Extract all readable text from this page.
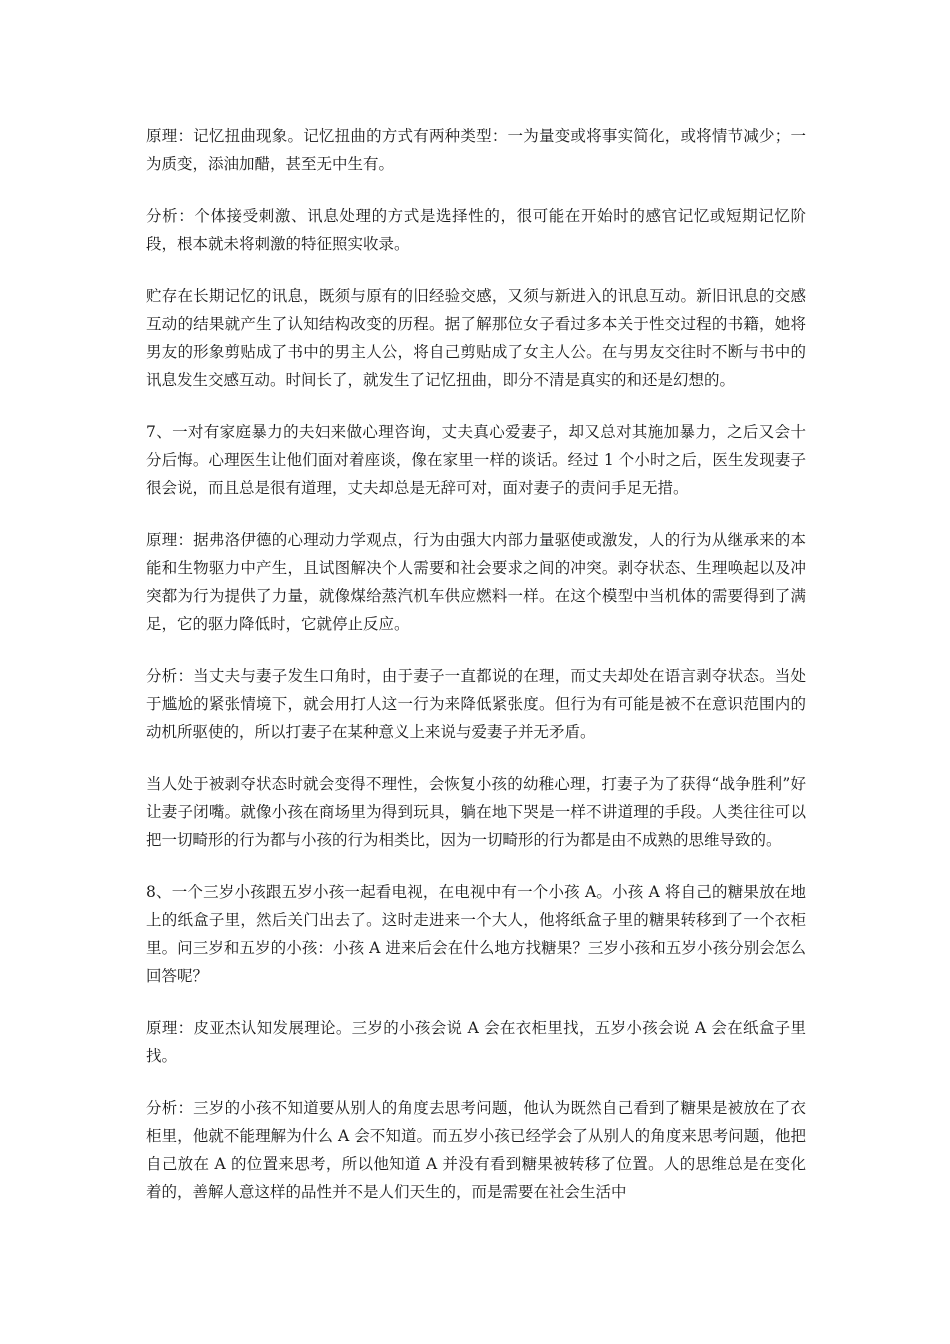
原理：记忆扭曲现象。记忆扭曲的方式有两种类型：一为量变或将事实简化，或将情节减少；一为质变，添油加醋，甚至无中生有。

分析：个体接受刺激、讯息处理的方式是选择性的，很可能在开始时的感官记忆或短期记忆阶段，根本就未将刺激的特征照实收录。

贮存在长期记忆的讯息，既须与原有的旧经验交感，又须与新进入的讯息互动。新旧讯息的交感互动的结果就产生了认知结构改变的历程。据了解那位女子看过多本关于性交过程的书籍，她将男友的形象剪贴成了书中的男主人公，将自己剪贴成了女主人公。在与男友交往时不断与书中的讯息发生交感互动。时间长了，就发生了记忆扭曲，即分不清是真实的和还是幻想的。

7、一对有家庭暴力的夫妇来做心理咨询，丈夫真心爱妻子，却又总对其施加暴力，之后又会十分后悔。心理医生让他们面对着座谈，像在家里一样的谈话。经过 1 个小时之后，医生发现妻子很会说，而且总是很有道理，丈夫却总是无辞可对，面对妻子的责问手足无措。

原理：据弗洛伊德的心理动力学观点，行为由强大内部力量驱使或激发，人的行为从继承来的本能和生物驱力中产生，且试图解决个人需要和社会要求之间的冲突。剥夺状态、生理唤起以及冲突都为行为提供了力量，就像煤给蒸汽机车供应燃料一样。在这个模型中当机体的需要得到了满足，它的驱力降低时，它就停止反应。

分析：当丈夫与妻子发生口角时，由于妻子一直都说的在理，而丈夫却处在语言剥夺状态。当处于尴尬的紧张情境下，就会用打人这一行为来降低紧张度。但行为有可能是被不在意识范围内的动机所驱使的，所以打妻子在某种意义上来说与爱妻子并无矛盾。

当人处于被剥夺状态时就会变得不理性，会恢复小孩的幼稚心理，打妻子为了获得“战争胜利”好让妻子闭嘴。就像小孩在商场里为得到玩具，躺在地下哭是一样不讲道理的手段。人类往往可以把一切畸形的行为都与小孩的行为相类比，因为一切畸形的行为都是由不成熟的思维导致的。

8、一个三岁小孩跟五岁小孩一起看电视，在电视中有一个小孩 A。小孩 A 将自己的糖果放在地上的纸盒子里，然后关门出去了。这时走进来一个大人，他将纸盒子里的糖果转移到了一个衣柜里。问三岁和五岁的小孩：小孩 A 进来后会在什么地方找糖果？三岁小孩和五岁小孩分别会怎么回答呢？

原理：皮亚杰认知发展理论。三岁的小孩会说 A 会在衣柜里找，五岁小孩会说 A 会在纸盒子里找。

分析：三岁的小孩不知道要从别人的角度去思考问题，他认为既然自己看到了糖果是被放在了衣柜里，他就不能理解为什么 A 会不知道。而五岁小孩已经学会了从别人的角度来思考问题，他把自己放在 A 的位置来思考，所以他知道 A 并没有看到糖果被转移了位置。人的思维总是在变化着的，善解人意这样的品性并不是人们天生的，而是需要在社会生活中
